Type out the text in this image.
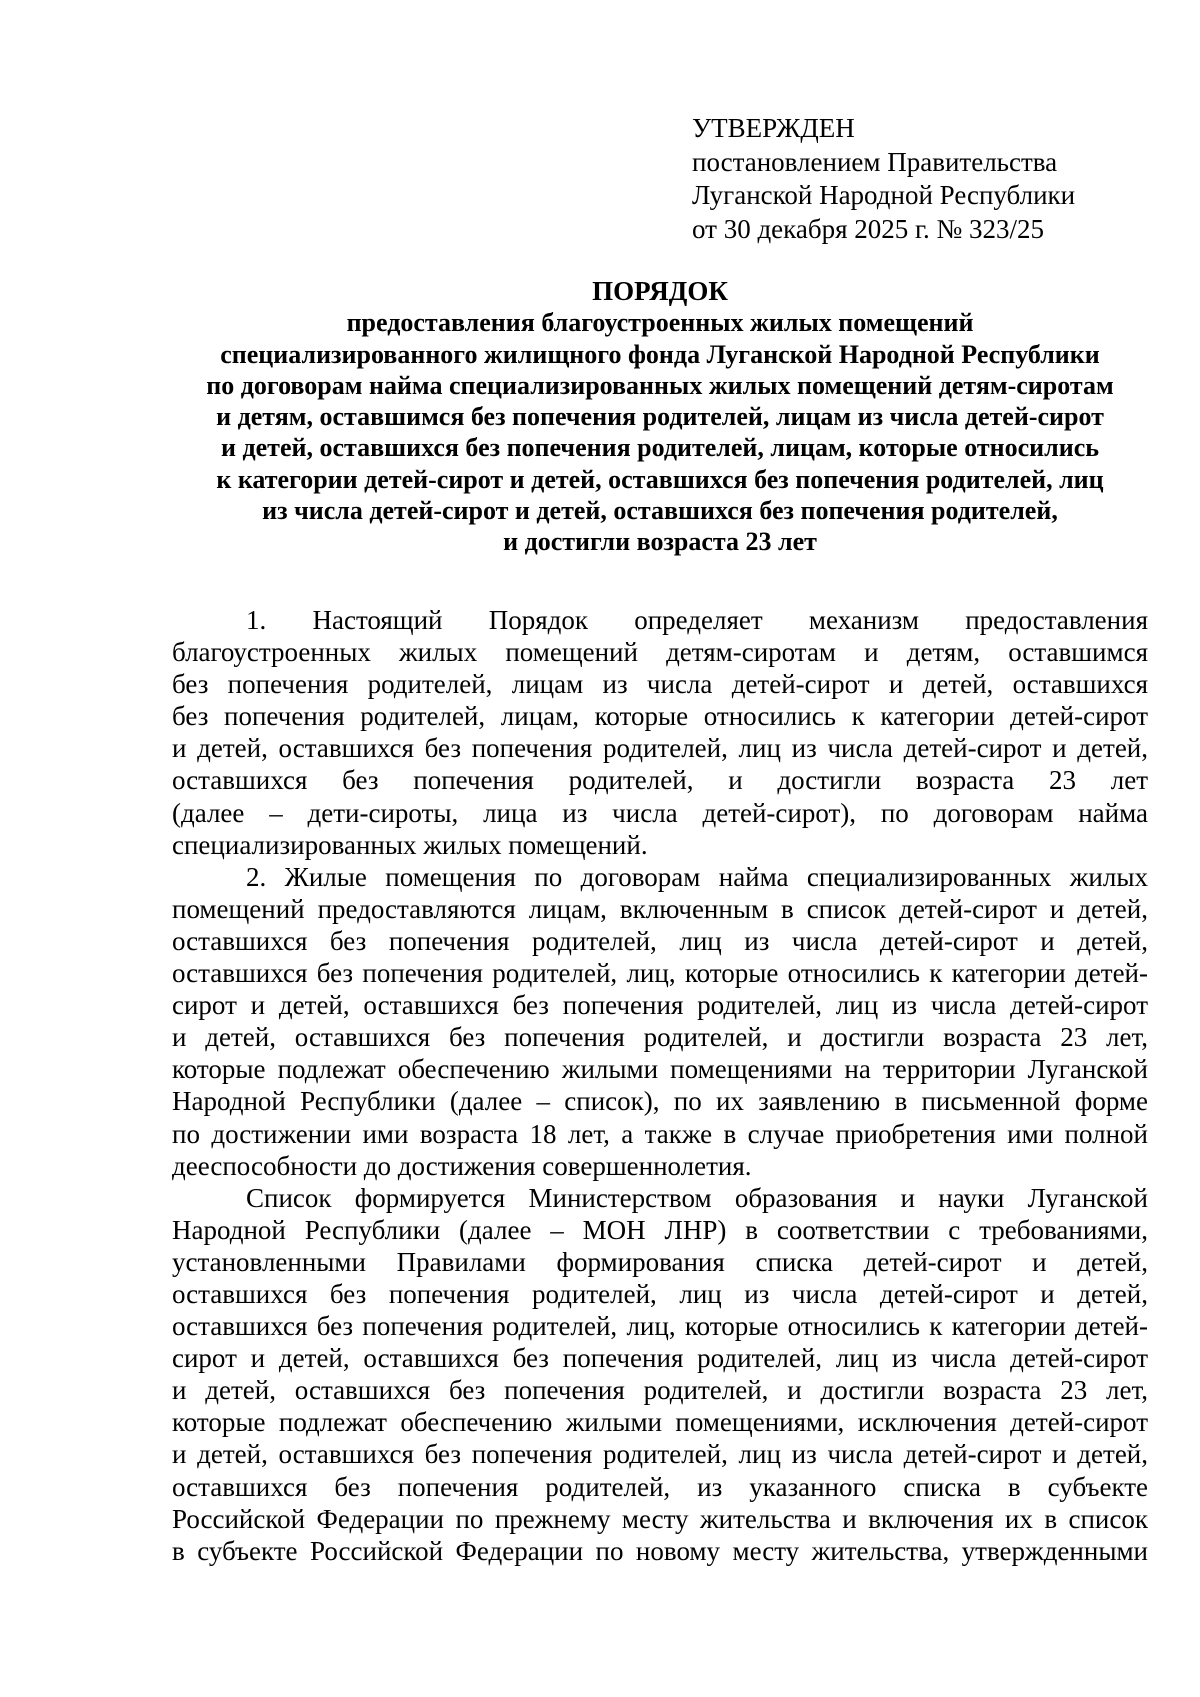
УТВЕРЖДЕН
постановлением Правительства
Луганской Народной Республики
от 30 декабря 2025 г. № 323/25
ПОРЯДОК
предоставления благоустроенных жилых помещений
специализированного жилищного фонда Луганской Народной Республики
по договорам найма специализированных жилых помещений детям-сиротам
и детям, оставшимся без попечения родителей, лицам из числа детей-сирот
и детей, оставшихся без попечения родителей, лицам, которые относились
к категории детей-сирот и детей, оставшихся без попечения родителей, лиц
из числа детей-сирот и детей, оставшихся без попечения родителей,
и достигли возраста 23 лет
1. Настоящий Порядок определяет механизм предоставления
благоустроенных жилых помещений детям-сиротам и детям, оставшимся
без попечения родителей, лицам из числа детей-сирот и детей, оставшихся
без попечения родителей, лицам, которые относились к категории детей-сирот
и детей, оставшихся без попечения родителей, лиц из числа детей-сирот и детей,
оставшихся без попечения родителей, и достигли возраста 23 лет
(далее – дети-сироты, лица из числа детей-сирот), по договорам найма
специализированных жилых помещений.
2. Жилые помещения по договорам найма специализированных жилых
помещений предоставляются лицам, включенным в список детей-сирот и детей,
оставшихся без попечения родителей, лиц из числа детей-сирот и детей,
оставшихся без попечения родителей, лиц, которые относились к категории детей-
сирот и детей, оставшихся без попечения родителей, лиц из числа детей-сирот
и детей, оставшихся без попечения родителей, и достигли возраста 23 лет,
которые подлежат обеспечению жилыми помещениями на территории Луганской
Народной Республики (далее – список), по их заявлению в письменной форме
по достижении ими возраста 18 лет, а также в случае приобретения ими полной
дееспособности до достижения совершеннолетия.
Список формируется Министерством образования и науки Луганской
Народной Республики (далее – МОН ЛНР) в соответствии с требованиями,
установленными Правилами формирования списка детей-сирот и детей,
оставшихся без попечения родителей, лиц из числа детей-сирот и детей,
оставшихся без попечения родителей, лиц, которые относились к категории детей-
сирот и детей, оставшихся без попечения родителей, лиц из числа детей-сирот
и детей, оставшихся без попечения родителей, и достигли возраста 23 лет,
которые подлежат обеспечению жилыми помещениями, исключения детей-сирот
и детей, оставшихся без попечения родителей, лиц из числа детей-сирот и детей,
оставшихся без попечения родителей, из указанного списка в субъекте
Российской Федерации по прежнему месту жительства и включения их в список
в субъекте Российской Федерации по новому месту жительства, утвержденными
